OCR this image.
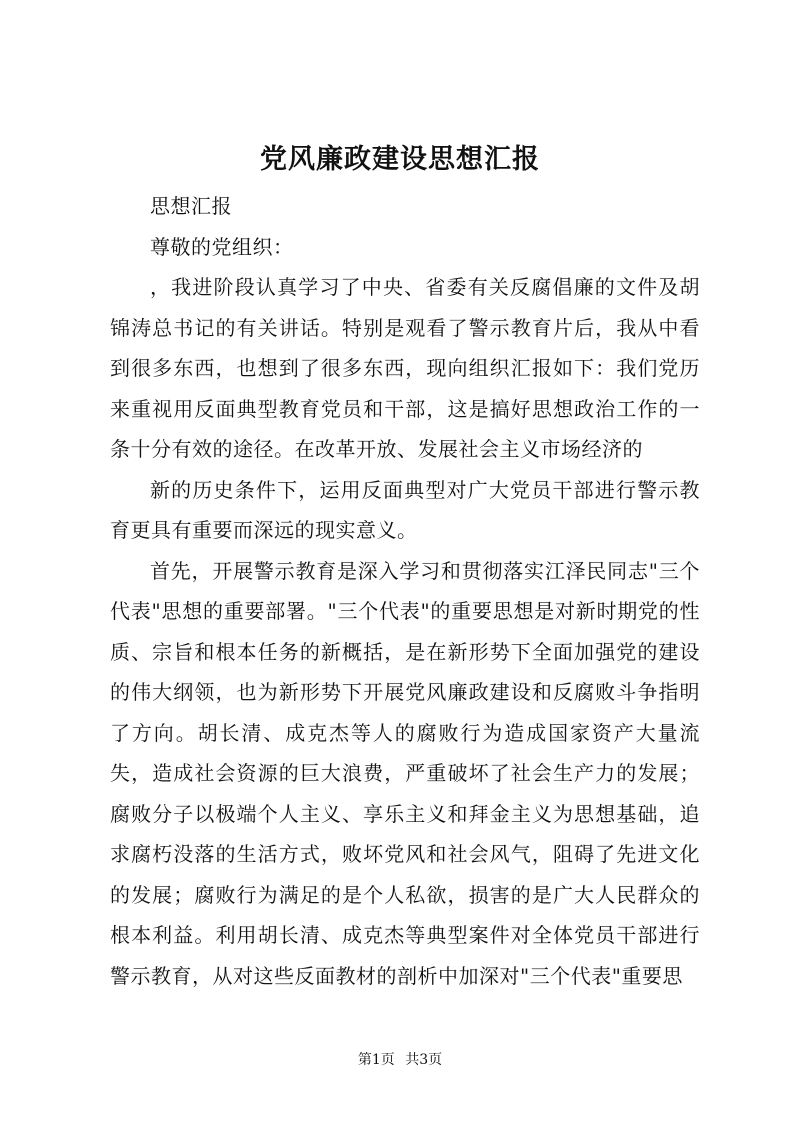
党风廉政建设思想汇报

思想汇报

尊敬的党组织：

，我进阶段认真学习了中央、省委有关反腐倡廉的文件及胡锦涛总书记的有关讲话。特别是观看了警示教育片后，我从中看到很多东西，也想到了很多东西，现向组织汇报如下：我们党历来重视用反面典型教育党员和干部，这是搞好思想政治工作的一条十分有效的途径。在改革开放、发展社会主义市场经济的

新的历史条件下，运用反面典型对广大党员干部进行警示教育更具有重要而深远的现实意义。

首先，开展警示教育是深入学习和贯彻落实江泽民同志"三个代表"思想的重要部署。"三个代表"的重要思想是对新时期党的性质、宗旨和根本任务的新概括，是在新形势下全面加强党的建设的伟大纲领，也为新形势下开展党风廉政建设和反腐败斗争指明了方向。胡长清、成克杰等人的腐败行为造成国家资产大量流失，造成社会资源的巨大浪费，严重破坏了社会生产力的发展；腐败分子以极端个人主义、享乐主义和拜金主义为思想基础，追求腐朽没落的生活方式，败坏党风和社会风气，阻碍了先进文化的发展；腐败行为满足的是个人私欲，损害的是广大人民群众的根本利益。利用胡长清、成克杰等典型案件对全体党员干部进行警示教育，从对这些反面教材的剖析中加深对"三个代表"重要思

第1页 共3页
